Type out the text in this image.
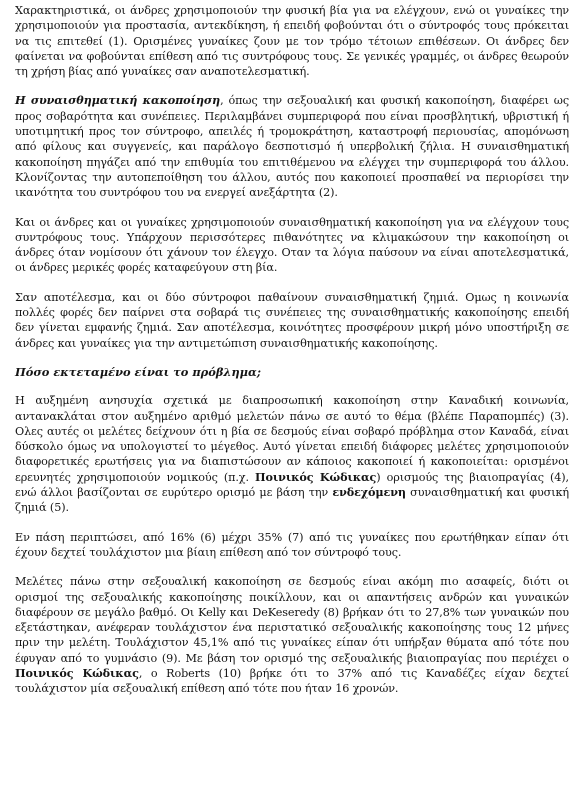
Χαρακτηριστικά, οι άνδρες χρησιμοποιούν την φυσική βία για να ελέγχουν, ενώ οι γυναίκες την χρησιμοποιούν για προστασία, αντεκδίκηση, ή επειδή φοβούνται ότι ο σύντροφός τους πρόκειται να τις επιτεθεί (1). Ορισμένες γυναίκες ζουν με τον τρόμο τέτοιων επιθέσεων. Οι άνδρες δεν φαίνεται να φοβούνται επίθεση από τις συντρόφους τους. Σε γενικές γραμμές, οι άνδρες θεωρούν τη χρήση βίας από γυναίκες σαν αναποτελεσματική.

Η συναισθηματική κακοποίηση, όπως την σεξουαλική και φυσική κακοποίηση, διαφέρει ως προς σοβαρότητα και συνέπειες. Περιλαμβάνει συμπεριφορά που είναι προσβλητική, υβριστική ή υποτιμητική προς τον σύντροφο, απειλές ή τρομοκράτηση, καταστροφή περιουσίας, απομόνωση από φίλους και συγγενείς, και παράλογο δεσποτισμό ή υπερβολική ζήλια. Η συναισθηματική κακοποίηση πηγάζει από την επιθυμία του επιτιθέμενου να ελέγχει την συμπεριφορά του άλλου. Κλονίζοντας την αυτοπεποίθηση του άλλου, αυτός που κακοποιεί προσπαθεί να περιορίσει την ικανότητα του συντρόφου του να ενεργεί ανεξάρτητα (2).

Και οι άνδρες και οι γυναίκες χρησιμοποιούν συναισθηματική κακοποίηση για να ελέγχουν τους συντρόφους τους. Υπάρχουν περισσότερες πιθανότητες να κλιμακώσουν την κακοποίηση οι άνδρες όταν νομίσουν ότι χάνουν τον έλεγχο. Οταν τα λόγια παύσουν να είναι αποτελεσματικά, οι άνδρες μερικές φορές καταφεύγουν στη βία.

Σαν αποτέλεσμα, και οι δύο σύντροφοι παθαίνουν συναισθηματική ζημιά. Ομως η κοινωνία πολλές φορές δεν παίρνει στα σοβαρά τις συνέπειες της συναισθηματικής κακοποίησης επειδή δεν γίνεται εμφανής ζημιά. Σαν αποτέλεσμα, κοινότητες προσφέρουν μικρή μόνο υποστήριξη σε άνδρες και γυναίκες για την αντιμετώπιση συναισθηματικής κακοποίησης.

Πόσο εκτεταμένο είναι το πρόβλημα;

Η αυξημένη ανησυχία σχετικά με διαπροσωπική κακοποίηση στην Καναδική κοινωνία, αντανακλάται στον αυξημένο αριθμό μελετών πάνω σε αυτό το θέμα (βλέπε Παραπομπές) (3). Ολες αυτές οι μελέτες δείχνουν ότι η βία σε δεσμούς είναι σοβαρό πρόβλημα στον Καναδά, είναι δύσκολο όμως να υπολογιστεί το μέγεθος. Αυτό γίνεται επειδή διάφορες μελέτες χρησιμοποιούν διαφορετικές ερωτήσεις για να διαπιστώσουν αν κάποιος κακοποιεί ή κακοποιείται: ορισμένοι ερευνητές χρησιμοποιούν νομικούς (π.χ. Ποινικός Κώδικας) ορισμούς της βιαιοπραγίας (4), ενώ άλλοι βασίζονται σε ευρύτερο ορισμό με βάση την ενδεχόμενη συναισθηματική και φυσική ζημιά (5).

Εν πάση περιπτώσει, από 16% (6) μέχρι 35% (7) από τις γυναίκες που ερωτήθηκαν είπαν ότι έχουν δεχτεί τουλάχιστον μια βίαιη επίθεση από τον σύντροφό τους.

Μελέτες πάνω στην σεξουαλική κακοποίηση σε δεσμούς είναι ακόμη πιο ασαφείς, διότι οι ορισμοί της σεξουαλικής κακοποίησης ποικίλλουν, και οι απαντήσεις ανδρών και γυναικών διαφέρουν σε μεγάλο βαθμό. Οι Kelly και DeKeseredy (8) βρήκαν ότι το 27,8% των γυναικών που εξετάστηκαν, ανέφεραν τουλάχιστον ένα περιστατικό σεξουαλικής κακοποίησης τους 12 μήνες πριν την μελέτη. Τουλάχιστον 45,1% από τις γυναίκες είπαν ότι υπήρξαν θύματα από τότε που έφυγαν από το γυμνάσιο (9). Με βάση τον ορισμό της σεξουαλικής βιαιοπραγίας που περιέχει ο Ποινικός Κώδικας, ο Roberts (10) βρήκε ότι το 37% από τις Καναδέζες είχαν δεχτεί τουλάχιστον μία σεξουαλική επίθεση από τότε που ήταν 16 χρονών.
